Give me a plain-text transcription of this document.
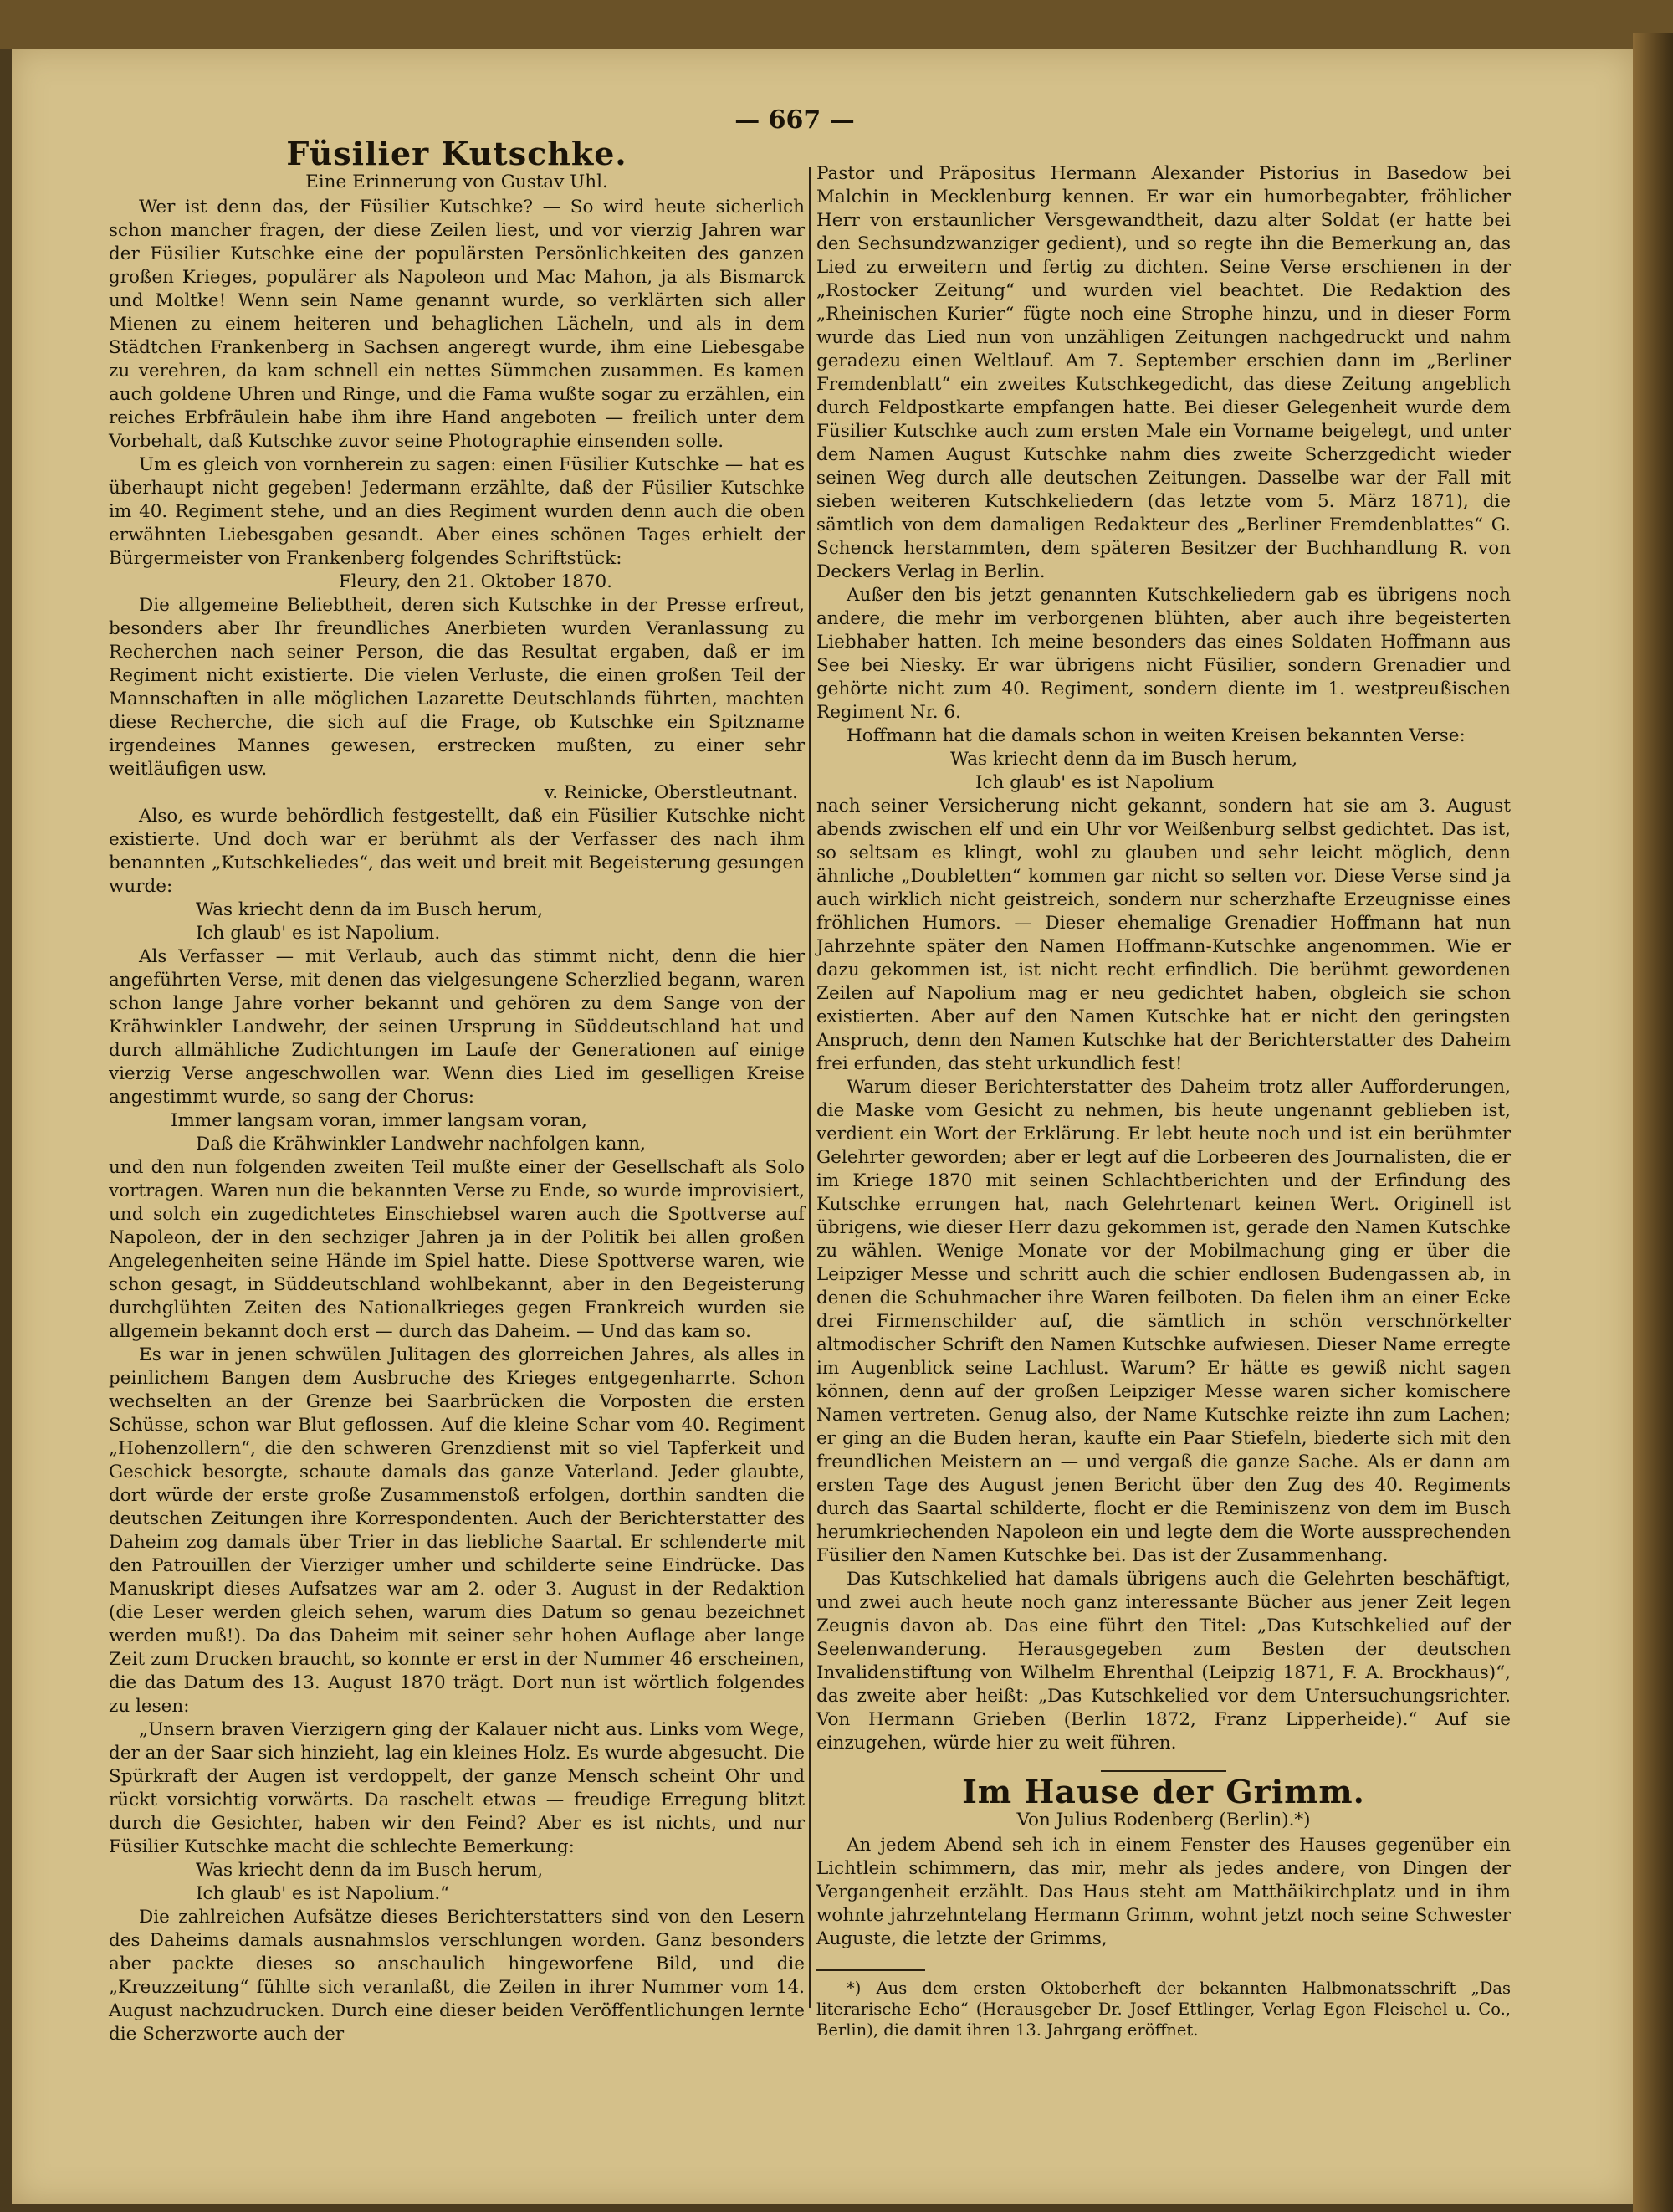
— 667 —
Füsilier Kutschke.
Eine Erinnerung von Gustav Uhl.

Wer ist denn das, der Füsilier Kutschke? — So wird heute sicherlich schon mancher fragen, der diese Zeilen liest, und vor vierzig Jahren war der Füsilier Kutschke eine der populärsten Persönlichkeiten des ganzen großen Krieges, populärer als Napoleon und Mac Mahon, ja als Bismarck und Moltke! Wenn sein Name genannt wurde, so verklärten sich aller Mienen zu einem heiteren und behaglichen Lächeln, und als in dem Städtchen Frankenberg in Sachsen angeregt wurde, ihm eine Liebesgabe zu verehren, da kam schnell ein nettes Sümmchen zusammen. Es kamen auch goldene Uhren und Ringe, und die Fama wußte sogar zu erzählen, ein reiches Erbfräulein habe ihm ihre Hand angeboten — freilich unter dem Vorbehalt, daß Kutschke zuvor seine Photographie einsenden solle.

Um es gleich von vornherein zu sagen: einen Füsilier Kutschke — hat es überhaupt nicht gegeben! Jedermann erzählte, daß der Füsilier Kutschke im 40. Regiment stehe, und an dies Regiment wurden denn auch die oben erwähnten Liebesgaben gesandt. Aber eines schönen Tages erhielt der Bürgermeister von Frankenberg folgendes Schriftstück:

Fleury, den 21. Oktober 1870.

Die allgemeine Beliebtheit, deren sich Kutschke in der Presse erfreut, besonders aber Ihr freundliches Anerbieten wurden Veranlassung zu Recherchen nach seiner Person, die das Resultat ergaben, daß er im Regiment nicht existierte. Die vielen Verluste, die einen großen Teil der Mannschaften in alle möglichen Lazarette Deutschlands führten, machten diese Recherche, die sich auf die Frage, ob Kutschke ein Spitzname irgendeines Mannes gewesen, erstrecken mußten, zu einer sehr weitläufigen usw.

v. Reinicke, Oberstleutnant.

Also, es wurde behördlich festgestellt, daß ein Füsilier Kutschke nicht existierte. Und doch war er berühmt als der Verfasser des nach ihm benannten „Kutschkeliedes“, das weit und breit mit Begeisterung gesungen wurde:

Was kriecht denn da im Busch herum,

Ich glaub' es ist Napolium.

Als Verfasser — mit Verlaub, auch das stimmt nicht, denn die hier angeführten Verse, mit denen das vielgesungene Scherzlied begann, waren schon lange Jahre vorher bekannt und gehören zu dem Sange von der Krähwinkler Landwehr, der seinen Ursprung in Süddeutschland hat und durch allmähliche Zudichtungen im Laufe der Generationen auf einige vierzig Verse angeschwollen war. Wenn dies Lied im geselligen Kreise angestimmt wurde, so sang der Chorus:

Immer langsam voran, immer langsam voran,

Daß die Krähwinkler Landwehr nachfolgen kann,

und den nun folgenden zweiten Teil mußte einer der Gesellschaft als Solo vortragen. Waren nun die bekannten Verse zu Ende, so wurde improvisiert, und solch ein zugedichtetes Einschiebsel waren auch die Spottverse auf Napoleon, der in den sechziger Jahren ja in der Politik bei allen großen Angelegenheiten seine Hände im Spiel hatte. Diese Spottverse waren, wie schon gesagt, in Süddeutschland wohlbekannt, aber in den Begeisterung durchglühten Zeiten des Nationalkrieges gegen Frankreich wurden sie allgemein bekannt doch erst — durch das Daheim. — Und das kam so.

Es war in jenen schwülen Julitagen des glorreichen Jahres, als alles in peinlichem Bangen dem Ausbruche des Krieges entgegenharrte. Schon wechselten an der Grenze bei Saarbrücken die Vorposten die ersten Schüsse, schon war Blut geflossen. Auf die kleine Schar vom 40. Regiment „Hohenzollern“, die den schweren Grenzdienst mit so viel Tapferkeit und Geschick besorgte, schaute damals das ganze Vaterland. Jeder glaubte, dort würde der erste große Zusammenstoß erfolgen, dorthin sandten die deutschen Zeitungen ihre Korrespondenten. Auch der Berichterstatter des Daheim zog damals über Trier in das liebliche Saartal. Er schlenderte mit den Patrouillen der Vierziger umher und schilderte seine Eindrücke. Das Manuskript dieses Aufsatzes war am 2. oder 3. August in der Redaktion (die Leser werden gleich sehen, warum dies Datum so genau bezeichnet werden muß!). Da das Daheim mit seiner sehr hohen Auflage aber lange Zeit zum Drucken braucht, so konnte er erst in der Nummer 46 erscheinen, die das Datum des 13. August 1870 trägt. Dort nun ist wörtlich folgendes zu lesen:

„Unsern braven Vierzigern ging der Kalauer nicht aus. Links vom Wege, der an der Saar sich hinzieht, lag ein kleines Holz. Es wurde abgesucht. Die Spürkraft der Augen ist verdoppelt, der ganze Mensch scheint Ohr und rückt vorsichtig vorwärts. Da raschelt etwas — freudige Erregung blitzt durch die Gesichter, haben wir den Feind? Aber es ist nichts, und nur Füsilier Kutschke macht die schlechte Bemerkung:

Was kriecht denn da im Busch herum,

Ich glaub' es ist Napolium.“

Die zahlreichen Aufsätze dieses Berichterstatters sind von den Lesern des Daheims damals ausnahmslos verschlungen worden. Ganz besonders aber packte dieses so anschaulich hingeworfene Bild, und die „Kreuzzeitung“ fühlte sich veranlaßt, die Zeilen in ihrer Nummer vom 14. August nachzudrucken. Durch eine dieser beiden Veröffentlichungen lernte die Scherzworte auch der

Pastor und Präpositus Hermann Alexander Pistorius in Basedow bei Malchin in Mecklenburg kennen. Er war ein humorbegabter, fröhlicher Herr von erstaunlicher Versgewandtheit, dazu alter Soldat (er hatte bei den Sechsundzwanziger gedient), und so regte ihn die Bemerkung an, das Lied zu erweitern und fertig zu dichten. Seine Verse erschienen in der „Rostocker Zeitung“ und wurden viel beachtet. Die Redaktion des „Rheinischen Kurier“ fügte noch eine Strophe hinzu, und in dieser Form wurde das Lied nun von unzähligen Zeitungen nachgedruckt und nahm geradezu einen Weltlauf. Am 7. September erschien dann im „Berliner Fremdenblatt“ ein zweites Kutschkegedicht, das diese Zeitung angeblich durch Feldpostkarte empfangen hatte. Bei dieser Gelegenheit wurde dem Füsilier Kutschke auch zum ersten Male ein Vorname beigelegt, und unter dem Namen August Kutschke nahm dies zweite Scherzgedicht wieder seinen Weg durch alle deutschen Zeitungen. Dasselbe war der Fall mit sieben weiteren Kutschkeliedern (das letzte vom 5. März 1871), die sämtlich von dem damaligen Redakteur des „Berliner Fremdenblattes“ G. Schenck herstammten, dem späteren Besitzer der Buchhandlung R. von Deckers Verlag in Berlin.

Außer den bis jetzt genannten Kutschkeliedern gab es übrigens noch andere, die mehr im verborgenen blühten, aber auch ihre begeisterten Liebhaber hatten. Ich meine besonders das eines Soldaten Hoffmann aus See bei Niesky. Er war übrigens nicht Füsilier, sondern Grenadier und gehörte nicht zum 40. Regiment, sondern diente im 1. westpreußischen Regiment Nr. 6.

Hoffmann hat die damals schon in weiten Kreisen bekannten Verse:

Was kriecht denn da im Busch herum,

Ich glaub' es ist Napolium

nach seiner Versicherung nicht gekannt, sondern hat sie am 3. August abends zwischen elf und ein Uhr vor Weißenburg selbst gedichtet. Das ist, so seltsam es klingt, wohl zu glauben und sehr leicht möglich, denn ähnliche „Doubletten“ kommen gar nicht so selten vor. Diese Verse sind ja auch wirklich nicht geistreich, sondern nur scherzhafte Erzeugnisse eines fröhlichen Humors. — Dieser ehemalige Grenadier Hoffmann hat nun Jahrzehnte später den Namen Hoffmann-Kutschke angenommen. Wie er dazu gekommen ist, ist nicht recht erfindlich. Die berühmt gewordenen Zeilen auf Napolium mag er neu gedichtet haben, obgleich sie schon existierten. Aber auf den Namen Kutschke hat er nicht den geringsten Anspruch, denn den Namen Kutschke hat der Berichterstatter des Daheim frei erfunden, das steht urkundlich fest!

Warum dieser Berichterstatter des Daheim trotz aller Aufforderungen, die Maske vom Gesicht zu nehmen, bis heute ungenannt geblieben ist, verdient ein Wort der Erklärung. Er lebt heute noch und ist ein berühmter Gelehrter geworden; aber er legt auf die Lorbeeren des Journalisten, die er im Kriege 1870 mit seinen Schlachtberichten und der Erfindung des Kutschke errungen hat, nach Gelehrtenart keinen Wert. Originell ist übrigens, wie dieser Herr dazu gekommen ist, gerade den Namen Kutschke zu wählen. Wenige Monate vor der Mobilmachung ging er über die Leipziger Messe und schritt auch die schier endlosen Budengassen ab, in denen die Schuhmacher ihre Waren feilboten. Da fielen ihm an einer Ecke drei Firmenschilder auf, die sämtlich in schön verschnörkelter altmodischer Schrift den Namen Kutschke aufwiesen. Dieser Name erregte im Augenblick seine Lachlust. Warum? Er hätte es gewiß nicht sagen können, denn auf der großen Leipziger Messe waren sicher komischere Namen vertreten. Genug also, der Name Kutschke reizte ihn zum Lachen; er ging an die Buden heran, kaufte ein Paar Stiefeln, biederte sich mit den freundlichen Meistern an — und vergaß die ganze Sache. Als er dann am ersten Tage des August jenen Bericht über den Zug des 40. Regiments durch das Saartal schilderte, flocht er die Reminiszenz von dem im Busch herumkriechenden Napoleon ein und legte dem die Worte aussprechenden Füsilier den Namen Kutschke bei. Das ist der Zusammenhang.

Das Kutschkelied hat damals übrigens auch die Gelehrten beschäftigt, und zwei auch heute noch ganz interessante Bücher aus jener Zeit legen Zeugnis davon ab. Das eine führt den Titel: „Das Kutschkelied auf der Seelenwanderung. Herausgegeben zum Besten der deutschen Invalidenstiftung von Wilhelm Ehrenthal (Leipzig 1871, F. A. Brockhaus)“, das zweite aber heißt: „Das Kutschkelied vor dem Untersuchungsrichter. Von Hermann Grieben (Berlin 1872, Franz Lipperheide).“ Auf sie einzugehen, würde hier zu weit führen.

Im Hause der Grimm.
Von Julius Rodenberg (Berlin).*)

An jedem Abend seh ich in einem Fenster des Hauses gegenüber ein Lichtlein schimmern, das mir, mehr als jedes andere, von Dingen der Vergangenheit erzählt. Das Haus steht am Matthäikirchplatz und in ihm wohnte jahrzehntelang Hermann Grimm, wohnt jetzt noch seine Schwester Auguste, die letzte der Grimms,

*) Aus dem ersten Oktoberheft der bekannten Halbmonatsschrift „Das literarische Echo“ (Herausgeber Dr. Josef Ettlinger, Verlag Egon Fleischel u. Co., Berlin), die damit ihren 13. Jahrgang eröffnet.
